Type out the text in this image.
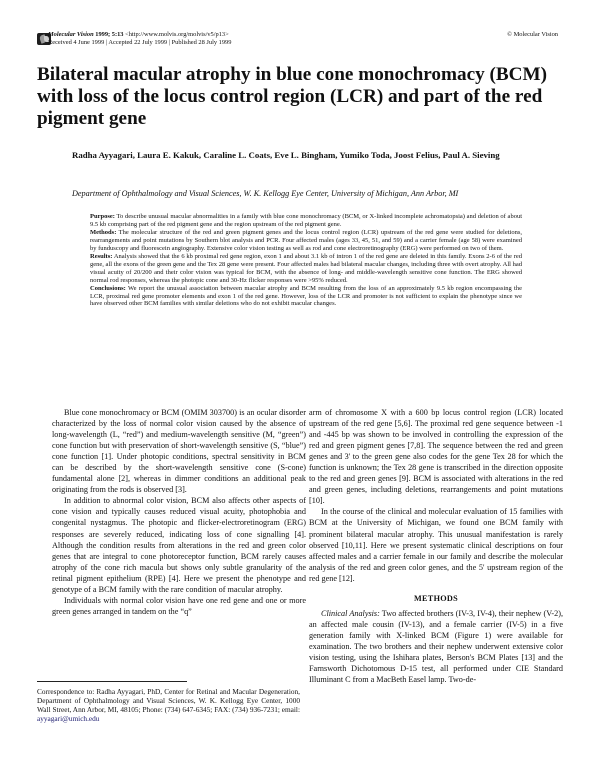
Molecular Vision 1999; 5:13 <http://www.molvis.org/molvis/v5/p13>
Received 4 June 1999 | Accepted 22 July 1999 | Published 28 July 1999
© Molecular Vision
Bilateral macular atrophy in blue cone monochromacy (BCM) with loss of the locus control region (LCR) and part of the red pigment gene
Radha Ayyagari, Laura E. Kakuk, Caraline L. Coats, Eve L. Bingham, Yumiko Toda, Joost Felius, Paul A. Sieving
Department of Ophthalmology and Visual Sciences, W. K. Kellogg Eye Center, University of Michigan, Ann Arbor, MI

Purpose: To describe unusual macular abnormalities in a family with blue cone monochromacy (BCM, or X-linked incomplete achromatopsia) and deletion of about 9.5 kb comprising part of the red pigment gene and the region upstream of the red pigment gene.

Methods: The molecular structure of the red and green pigment genes and the locus control region (LCR) upstream of the red gene were studied for deletions, rearrangements and point mutations by Southern blot analysis and PCR. Four affected males (ages 33, 45, 51, and 59) and a carrier female (age 58) were examined by funduscopy and fluorescein angiography. Extensive color vision testing as well as rod and cone electroretinography (ERG) were performed on two of them.

Results: Analysis showed that the 6 kb proximal red gene region, exon 1 and about 3.1 kb of intron 1 of the red gene are deleted in this family. Exons 2-6 of the red gene, all the exons of the green gene and the Tex 28 gene were present. Four affected males had bilateral macular changes, including three with overt atrophy. All had visual acuity of 20/200 and their color vision was typical for BCM, with the absence of long- and middle-wavelength sensitive cone function. The ERG showed normal rod responses, whereas the photopic cone and 30-Hz flicker responses were >95% reduced.

Conclusions: We report the unusual association between macular atrophy and BCM resulting from the loss of an approximately 9.5 kb region encompassing the LCR, proximal red gene promoter elements and exon 1 of the red gene. However, loss of the LCR and promoter is not sufficient to explain the phenotype since we have observed other BCM families with similar deletions who do not exhibit macular changes.

Blue cone monochromacy or BCM (OMIM 303700) is an ocular disorder characterized by the loss of normal color vision caused by the absence of long-wavelength (L, “red”) and medium-wavelength sensitive (M, “green”) cone function but with preservation of short-wavelength sensitive (S, “blue”) cone function [1]. Under photopic conditions, spectral sensitivity in BCM can be described by the short-wavelength sensitive cone (S-cone) fundamental alone [2], whereas in dimmer conditions an additional peak originating from the rods is observed [3].

In addition to abnormal color vision, BCM also affects other aspects of cone vision and typically causes reduced visual acuity, photophobia and congenital nystagmus. The photopic and flicker-electroretinogram (ERG) responses are severely reduced, indicating loss of cone signalling [4]. Although the condition results from alterations in the red and green color genes that are integral to cone photoreceptor function, BCM rarely causes atrophy of the cone rich macula but shows only subtle granularity of the retinal pigment epithelium (RPE) [4]. Here we present the phenotype and genotype of a BCM family with the rare condition of macular atrophy.

Individuals with normal color vision have one red gene and one or more green genes arranged in tandem on the “q”

arm of chromosome X with a 600 bp locus control region (LCR) located upstream of the red gene [5,6]. The proximal red gene sequence between -1 and -445 bp was shown to be involved in controlling the expression of the red and green pigment genes [7,8]. The sequence between the red and green genes and 3' to the green gene also codes for the gene Tex 28 for which the function is unknown; the Tex 28 gene is transcribed in the direction opposite to the red and green genes [9]. BCM is associated with alterations in the red and green genes, including deletions, rearrangements and point mutations [10].

In the course of the clinical and molecular evaluation of 15 families with BCM at the University of Michigan, we found one BCM family with prominent bilateral macular atrophy. This unusual manifestation is rarely observed [10,11]. Here we present systematic clinical descriptions on four affected males and a carrier female in our family and describe the molecular analysis of the red and green color genes, and the 5' upstream region of the red gene [12].

METHODS

Clinical Analysis: Two affected brothers (IV-3, IV-4), their nephew (V-2), an affected male cousin (IV-13), and a female carrier (IV-5) in a five generation family with X-linked BCM (Figure 1) were available for examination. The two brothers and their nephew underwent extensive color vision testing, using the Ishihara plates, Berson's BCM Plates [13] and the Farnsworth Dichotomous D-15 test, all performed under CIE Standard Illuminant C from a MacBeth Easel lamp. Two-de-

Correspondence to: Radha Ayyagari, PhD, Center for Retinal and Macular Degeneration, Department of Ophthalmology and Visual Sciences, W. K. Kellogg Eye Center, 1000 Wall Street, Ann Arbor, MI, 48105; Phone: (734) 647-6345; FAX: (734) 936-7231; email: ayyagari@umich.edu
